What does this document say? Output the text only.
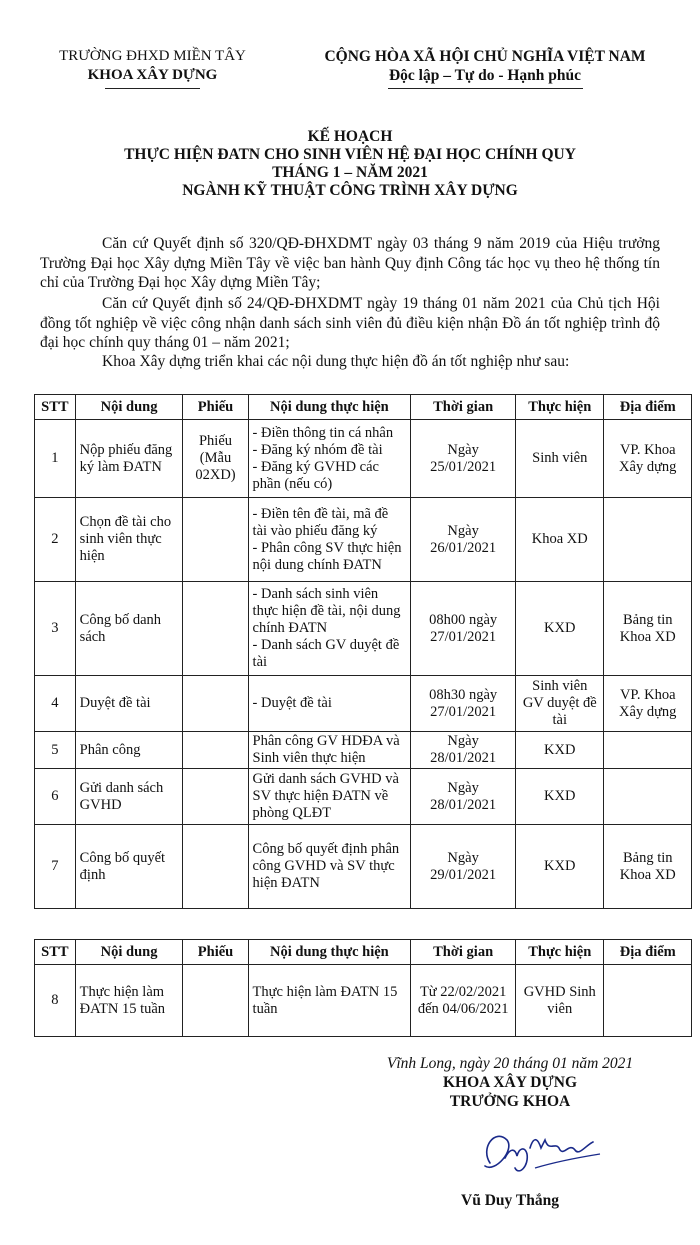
TRƯỜNG ĐHXD MIỀN TÂY
KHOA XÂY DỰNG
CỘNG HÒA XÃ HỘI CHỦ NGHĨA VIỆT NAM
Độc lập – Tự do - Hạnh phúc
KẾ HOẠCH
THỰC HIỆN ĐATN CHO SINH VIÊN HỆ ĐẠI HỌC CHÍNH QUY
THÁNG 1 – NĂM 2021
NGÀNH KỸ THUẬT CÔNG TRÌNH XÂY DỰNG
Căn cứ Quyết định số 320/QĐ-ĐHXDMT ngày 03 tháng 9 năm 2019 của Hiệu trưởng Trường Đại học Xây dựng Miền Tây về việc ban hành Quy định Công tác học vụ theo hệ thống tín chỉ của Trường Đại học Xây dựng Miền Tây;
Căn cứ Quyết định số 24/QĐ-ĐHXDMT ngày 19 tháng 01 năm 2021 của Chủ tịch Hội đồng tốt nghiệp về việc công nhận danh sách sinh viên đủ điều kiện nhận Đồ án tốt nghiệp trình độ đại học chính quy tháng 01 – năm 2021;
Khoa Xây dựng triển khai các nội dung thực hiện đồ án tốt nghiệp như sau:
STT	Nội dung	Phiếu	Nội dung thực hiện	Thời gian	Thực hiện	Địa điểm
1	Nộp phiếu đăng ký làm ĐATN	Phiếu (Mẫu 02XD)	- Điền thông tin cá nhân
- Đăng ký nhóm đề tài
- Đăng ký GVHD các phần (nếu có)	Ngày 25/01/2021	Sinh viên	VP. Khoa Xây dựng
2	Chọn đề tài cho sinh viên thực hiện		- Điền tên đề tài, mã đề tài vào phiếu đăng ký
- Phân công SV thực hiện nội dung chính ĐATN	Ngày 26/01/2021	Khoa XD	
3	Công bố danh sách		- Danh sách sinh viên thực hiện đề tài, nội dung chính ĐATN
- Danh sách GV duyệt đề tài	08h00 ngày 27/01/2021	KXD	Bảng tin Khoa XD
4	Duyệt đề tài		- Duyệt đề tài	08h30 ngày 27/01/2021	Sinh viên GV duyệt đề tài	VP. Khoa Xây dựng
5	Phân công		Phân công GV HDĐA và Sinh viên thực hiện	Ngày 28/01/2021	KXD	
6	Gửi danh sách GVHD		Gửi danh sách GVHD và SV thực hiện ĐATN về phòng QLĐT	Ngày 28/01/2021	KXD	
7	Công bố quyết định		Công bố quyết định phân công GVHD và SV thực hiện ĐATN	Ngày 29/01/2021	KXD	Bảng tin Khoa XD
STT	Nội dung	Phiếu	Nội dung thực hiện	Thời gian	Thực hiện	Địa điểm
8	Thực hiện làm ĐATN 15 tuần		Thực hiện làm ĐATN 15 tuần	Từ 22/02/2021 đến 04/06/2021	GVHD Sinh viên	
Vĩnh Long, ngày 20 tháng 01 năm 2021
KHOA XÂY DỰNG
TRƯỞNG KHOA
Vũ Duy Thắng
